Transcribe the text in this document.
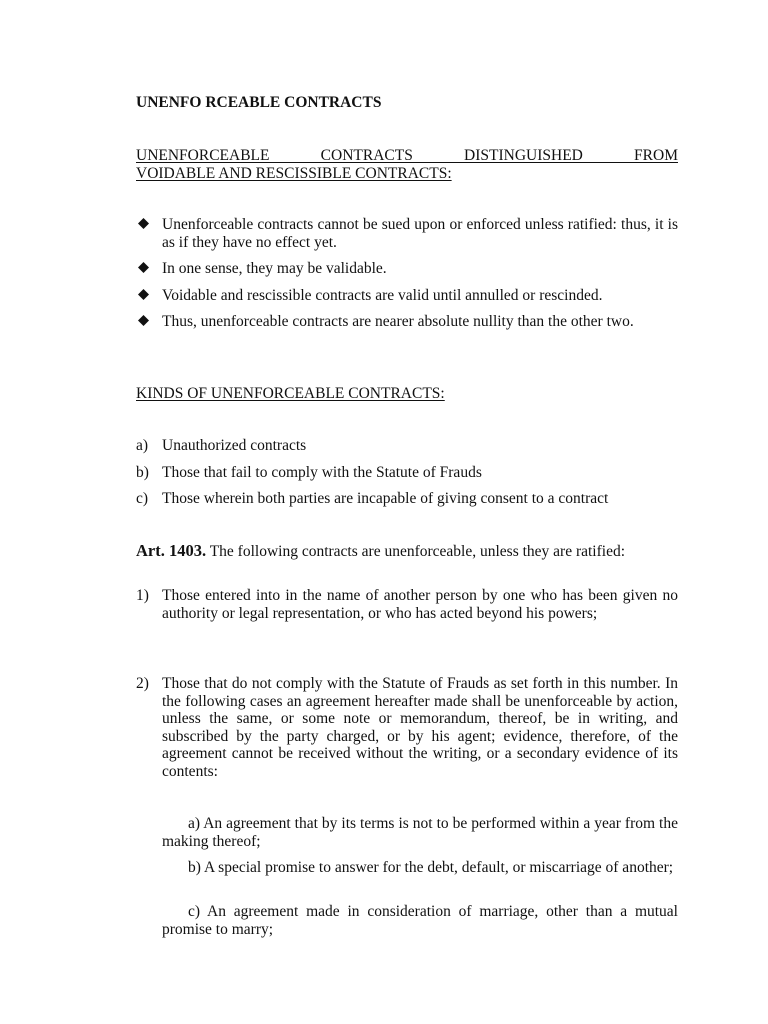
UNENFO RCEABLE CONTRACTS
UNENFORCEABLE CONTRACTS DISTINGUISHED FROM
VOIDABLE AND RESCISSIBLE CONTRACTS:
Unenforceable contracts cannot be sued upon or enforced unless ratified: thus, it is as if they have no effect yet.
In one sense, they may be validable.
Voidable and rescissible contracts are valid until annulled or rescinded.
Thus, unenforceable contracts are nearer absolute nullity than the other two.
KINDS OF UNENFORCEABLE CONTRACTS:
a) Unauthorized contracts
b) Those that fail to comply with the Statute of Frauds
c) Those wherein both parties are incapable of giving consent to a contract
Art. 1403. The following contracts are unenforceable, unless they are ratified:
1) Those entered into in the name of another person by one who has been given no authority or legal representation, or who has acted beyond his powers;
2) Those that do not comply with the Statute of Frauds as set forth in this number. In the following cases an agreement hereafter made shall be unenforceable by action, unless the same, or some note or memorandum, thereof, be in writing, and subscribed by the party charged, or by his agent; evidence, therefore, of the agreement cannot be received without the writing, or a secondary evidence of its contents:
a) An agreement that by its terms is not to be performed within a year from the making thereof;
b) A special promise to answer for the debt, default, or miscarriage of another;
c) An agreement made in consideration of marriage, other than a mutual promise to marry;
